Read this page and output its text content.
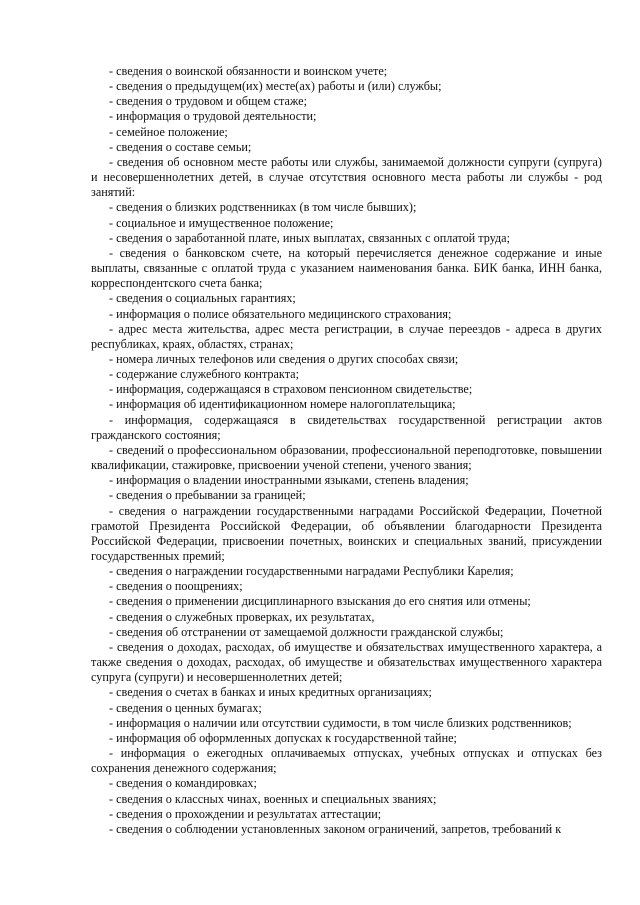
- сведения о воинской обязанности и воинском учете;

- сведения о предыдущем(их) месте(ах) работы и (или) службы;

- сведения о трудовом и общем стаже;

- информация о трудовой деятельности;

- семейное положение;

- сведения о составе семьи;

- сведения об основном месте работы или службы, занимаемой должности супруги (супруга) и несовершеннолетних детей, в случае отсутствия основного места работы ли службы - род занятий:

- сведения о близких родственниках (в том числе бывших);

- социальное и имущественное положение;

- сведения о заработанной плате, иных выплатах, связанных с оплатой труда;

- сведения о банковском счете, на который перечисляется денежное содержание и иные выплаты, связанные с оплатой труда с указанием наименования банка. БИК банка, ИНН банка, корреспондентского счета банка;

- сведения о социальных гарантиях;

- информация о полисе обязательного медицинского страхования;

- адрес места жительства, адрес места регистрации, в случае переездов - адреса в других республиках, краях, областях, странах;

- номера личных телефонов или сведения о других способах связи;

- содержание служебного контракта;

- информация, содержащаяся в страховом пенсионном свидетельстве;

- информация об идентификационном номере налогоплательщика;

- информация, содержащаяся в свидетельствах государственной регистрации актов гражданского состояния;

- сведений о профессиональном образовании, профессиональной переподготовке, повышении квалификации, стажировке, присвоении ученой степени, ученого звания;

- информация о владении иностранными языками, степень владения;

- сведения о пребывании за границей;

- сведения о награждении государственными наградами Российской Федерации, Почетной грамотой Президента Российской Федерации, об объявлении благодарности Президента Российской Федерации, присвоении почетных, воинских и специальных званий, присуждении государственных премий;

- сведения о награждении государственными наградами Республики Карелия;

- сведения о поощрениях;

- сведения о применении дисциплинарного взыскания до его снятия или отмены;

- сведения о служебных проверках, их результатах,

- сведения об отстранении от замещаемой должности гражданской службы;

- сведения о доходах, расходах, об имуществе и обязательствах имущественного характера, а также сведения о доходах, расходах, об имуществе и обязательствах имущественного характера супруга (супруги) и несовершеннолетних детей;

- сведения о счетах в банках и иных кредитных организациях;

- сведения о ценных бумагах;

- информация о наличии или отсутствии судимости, в том числе близких родственников;

- информация об оформленных допусках к государственной тайне;

- информация о ежегодных оплачиваемых отпусках, учебных отпусках и отпусках без сохранения денежного содержания;

- сведения о командировках;

- сведения о классных чинах, военных и специальных званиях;

- сведения о прохождении и результатах аттестации;

- сведения о соблюдении установленных законом ограничений, запретов, требований к
